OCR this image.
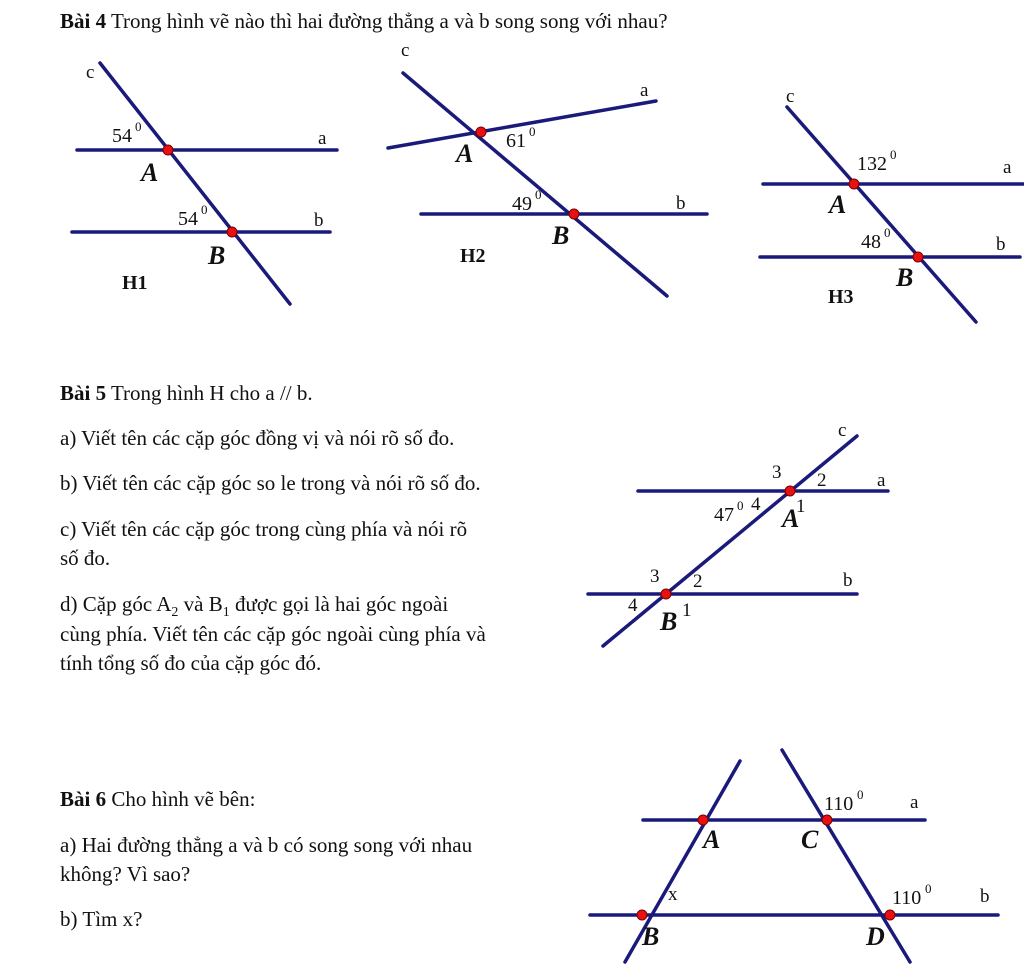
Bài 4 Trong hình vẽ nào thì hai đường thẳng a và b song song với nhau?
Bài 5 Trong hình H cho a // b.
a) Viết tên các cặp góc đồng vị và nói rõ số đo.
b) Viết tên các cặp góc so le trong và nói rõ số đo.
c) Viết tên các cặp góc trong cùng phía và nói rõ
số đo.
d) Cặp góc $A_2$ và $B_1$ được gọi là hai góc ngoài
cùng phía. Viết tên các cặp góc ngoài cùng phía và
tính tổng số đo của cặp góc đó.
Bài 6 Cho hình vẽ bên:
a) Hai đường thẳng a và b có song song với nhau
không? Vì sao?
b) Tìm x?
c
a
b
54 0
54 0
A
B
H1
c
a
b
61 0
49 0
A
B
H2
c
a
b
132 0
48 0
A
B
H3
c
a
b
3 2
4 1
47 0 A
3 2
4 1
B
a
b
110 0
110 0
x
A	C
B	D
